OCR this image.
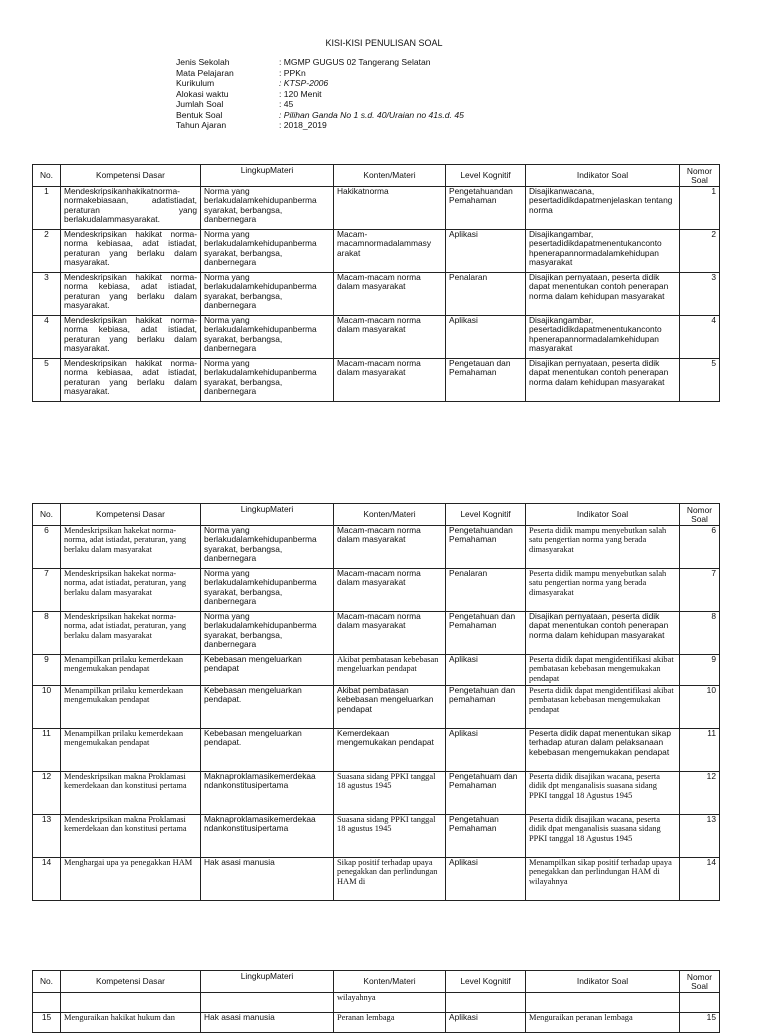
KISI-KISI PENULISAN SOAL
Jenis Sekolah	: MGMP GUGUS 02 Tangerang Selatan
Mata Pelajaran	: PPKn
Kurikulum	: KTSP-2006
Alokasi waktu	: 120 Menit
Jumlah Soal	: 45
Bentuk Soal	: Pilihan Ganda No 1 s.d. 40/Uraian no 41s.d. 45
Tahun Ajaran	: 2018_2019
No.	Kompetensi Dasar	LingkupMateri	Konten/Materi	Level Kognitif	Indikator Soal	Nomor Soal
1	Mendeskripsikanhakikatnorma-normakebiasaan, adatistiadat, peraturan yang berlakudalammasyarakat.	Norma yang berlakudalamkehidupanberma syarakat, berbangsa, danbernegara	Hakikatnorma	Pengetahuandan Pemahaman	Disajikanwacana, pesertadidikdapatmenjelaskan tentang norma	1
2	Mendeskripsikan hakikat norma-norma kebiasaa, adat istiadat, peraturan yang berlaku dalam masyarakat.	Norma yang berlakudalamkehidupanberma syarakat, berbangsa, danbernegara	Macam-macamnormadalammasy arakat	Aplikasi	Disajikangambar, pesertadidikdapatmenentukanconto hpenerapannormadalamkehidupan masyarakat	2
3	Mendeskripsikan hakikat norma-norma kebiasa, adat istiadat, peraturan yang berlaku dalam masyarakat.	Norma yang berlakudalamkehidupanberma syarakat, berbangsa, danbernegara	Macam-macam norma dalam masyarakat	Penalaran	Disajikan pernyataan, peserta didik dapat menentukan contoh penerapan norma dalam kehidupan masyarakat	3
4	Mendeskripsikan hakikat norma-norma kebiasa, adat istiadat, peraturan yang berlaku dalam masyarakat.	Norma yang berlakudalamkehidupanberma syarakat, berbangsa, danbernegara	Macam-macam norma dalam masyarakat	Aplikasi	Disajikangambar, pesertadidikdapatmenentukanconto hpenerapannormadalamkehidupan masyarakat	4
5	Mendeskripsikan hakikat norma-norma kebiasaa, adat istiadat, peraturan yang berlaku dalam masyarakat.	Norma yang berlakudalamkehidupanberma syarakat, berbangsa, danbernegara	Macam-macam norma dalam masyarakat	Pengetauan dan Pemahaman	Disajikan pernyataan, peserta didik dapat menentukan contoh penerapan norma dalam kehidupan masyarakat	5
No.	Kompetensi Dasar	LingkupMateri	Konten/Materi	Level Kognitif	Indikator Soal	Nomor Soal
6	Mendeskripsikan hakekat norma-norma, adat istiadat, peraturan, yang berlaku dalam masyarakat	Norma yang berlakudalamkehidupanberma syarakat, berbangsa, danbernegara	Macam-macam norma dalam masyarakat	Pengetahuandan Pemahaman	Peserta didik mampu menyebutkan salah satu pengertian norma yang berada dimasyarakat	6
7	Mendeskripsikan hakekat norma-norma, adat istiadat, peraturan, yang berlaku dalam masyarakat	Norma yang berlakudalamkehidupanberma syarakat, berbangsa, danbernegara	Macam-macam norma dalam masyarakat	Penalaran	Peserta didik mampu menyebutkan salah satu pengertian norma yang berada dimasyarakat	7
8	Mendeskripsikan hakekat norma-norma, adat istiadat, peraturan, yang berlaku dalam masyarakat	Norma yang berlakudalamkehidupanberma syarakat, berbangsa, danbernegara	Macam-macam norma dalam masyarakat	Pengetahuan dan Pemahaman	Disajikan pernyataan, peserta didik dapat menentukan contoh penerapan norma dalam kehidupan masyarakat	8
9	Menampilkan prilaku kemerdekaan mengemukakan pendapat	Kebebasan mengeluarkan pendapat	Akibat pembatasan kebebasan mengeluarkan pendapat	Aplikasi	Peserta didik dapat mengidentifikasi akibat pembatasan kebebasan mengemukakan pendapat	9
10	Menampilkan prilaku kemerdekaan mengemukakan pendapat	Kebebasan mengeluarkan pendapat.	Akibat pembatasan kebebasan mengeluarkan pendapat	Pengetahuan dan pemahaman	Peserta didik dapat mengidentifikasi akibat pembatasan kebebasan mengemukakan pendapat	10
11	Menampilkan prilaku kemerdekaan mengemukakan pendapat	Kebebasan mengeluarkan pendapat.	Kemerdekaan mengemukakan pendapat	Aplikasi	Peserta didik dapat menentukan sikap terhadap aturan dalam pelaksanaan kebebasan mengemukakan pendapat	11
12	Mendeskripsikan makna Proklamasi kemerdekaan dan konstitusi pertama	Maknaproklamasikemerdekaa ndankonstitusipertama	Suasana sidang PPKI tanggal 18 agustus 1945	Pengetahuam dan Pemahaman	Peserta didik disajikan wacana, peserta didik dpt menganalisis suasana sidang PPKI tanggal 18 Agustus 1945	12
13	Mendeskripsikan makna Proklamasi kemerdekaan dan konstitusi pertama	Maknaproklamasikemerdekaa ndankonstitusipertama	Suasana sidang PPKI tanggal 18 agustus 1945	Pengetahuan Pemahaman	Peserta didik disajikan wacana, peserta didik dpat menganalisis suasana sidang PPKI tanggal 18 Agustus 1945	13
14	Menghargai upa ya penegakkan HAM	Hak asasi manusia	Sikap positif terhadap upaya penegakkan dan perlindungan HAM di	Aplikasi	Menampilkan sikap positif terhadap upaya penegakkan dan perlindungan HAM di wilayahnya	14
No.	Kompetensi Dasar	LingkupMateri	Konten/Materi	Level Kognitif	Indikator Soal	Nomor Soal
			wilayahnya			
15	Menguraikan hakikat hukum dan	Hak asasi manusia	Peranan lembaga	Aplikasi	Menguraikan peranan lembaga	15
